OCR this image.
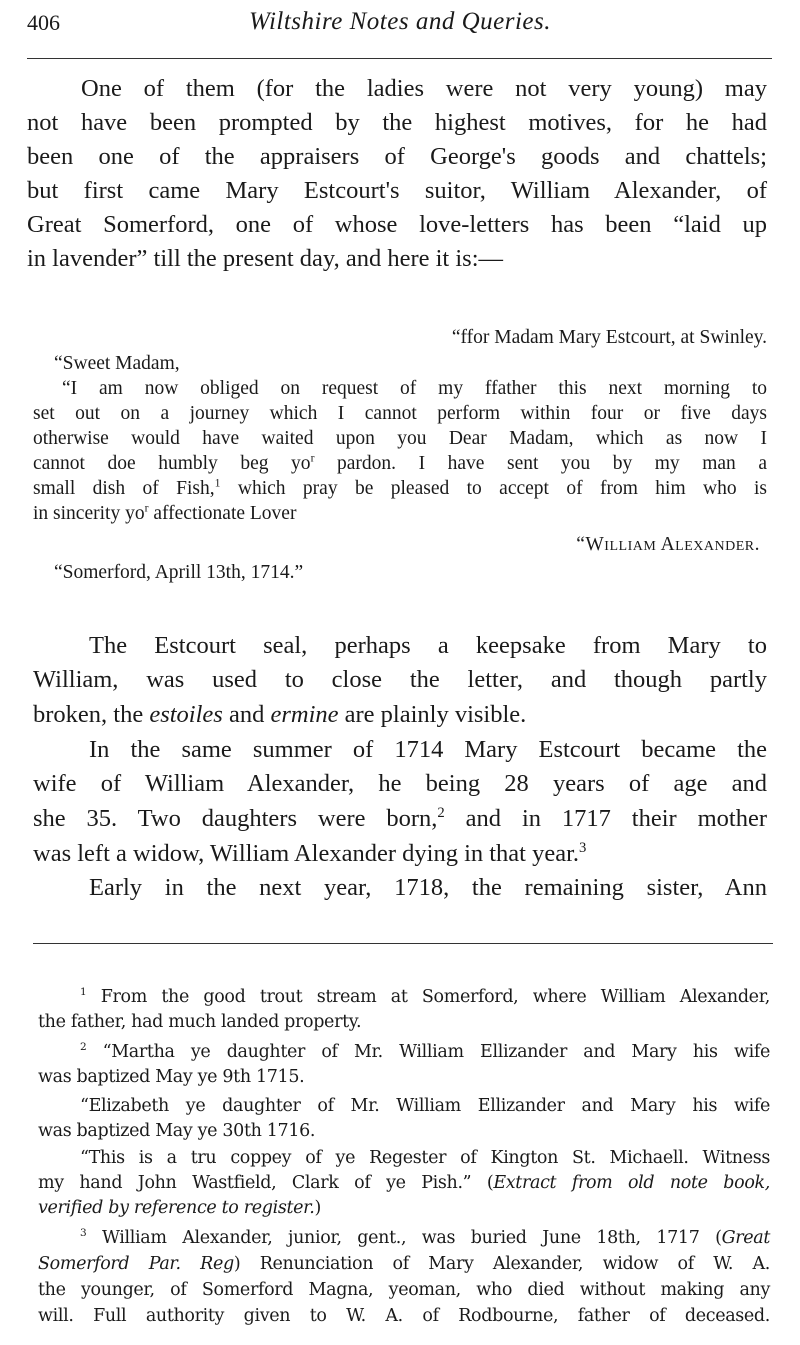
406	Wiltshire Notes and Queries.
One of them (for the ladies were not very young) may
not have been prompted by the highest motives, for he had
been one of the appraisers of George's goods and chattels;
but first came Mary Estcourt's suitor, William Alexander, of
Great Somerford, one of whose love-letters has been “laid up
in lavender” till the present day, and here it is:—
“ffor Madam Mary Estcourt, at Swinley.
“Sweet Madam,
“I am now obliged on request of my ffather this next morning to
set out on a journey which I cannot perform within four or five days
otherwise would have waited upon you Dear Madam, which as now I
cannot doe humbly beg $yo^r$ pardon. I have sent you by my man a
small dish of Fish,$^1$ which pray be pleased to accept of from him who is
in sincerity $yo^r$ affectionate Lover
“William Alexander.
“Somerford, Aprill 13th, 1714.”
The Estcourt seal, perhaps a keepsake from Mary to
William, was used to close the letter, and though partly
broken, the estoiles and ermine are plainly visible.
In the same summer of 1714 Mary Estcourt became the
wife of William Alexander, he being 28 years of age and
she 35. Two daughters were born,$^2$ and in 1717 their mother
was left a widow, William Alexander dying in that year.$^3$
Early in the next year, 1718, the remaining sister, Ann
$^1$ From the good trout stream at Somerford, where William Alexander,
the father, had much landed property.
$^2$ “Martha ye daughter of Mr. William Ellizander and Mary his wife
was baptized May ye 9th 1715.
“Elizabeth ye daughter of Mr. William Ellizander and Mary his wife
was baptized May ye 30th 1716.
“This is a tru coppey of ye Regester of Kington St. Michaell. Witness
my hand John Wastfield, Clark of ye Pish.” (Extract from old note book,
verified by reference to register.)
$^3$ William Alexander, junior, gent., was buried June 18th, 1717 (Great
Somerford Par. Reg) Renunciation of Mary Alexander, widow of W. A.
the younger, of Somerford Magna, yeoman, who died without making any
will. Full authority given to W. A. of Rodbourne, father of deceased.
